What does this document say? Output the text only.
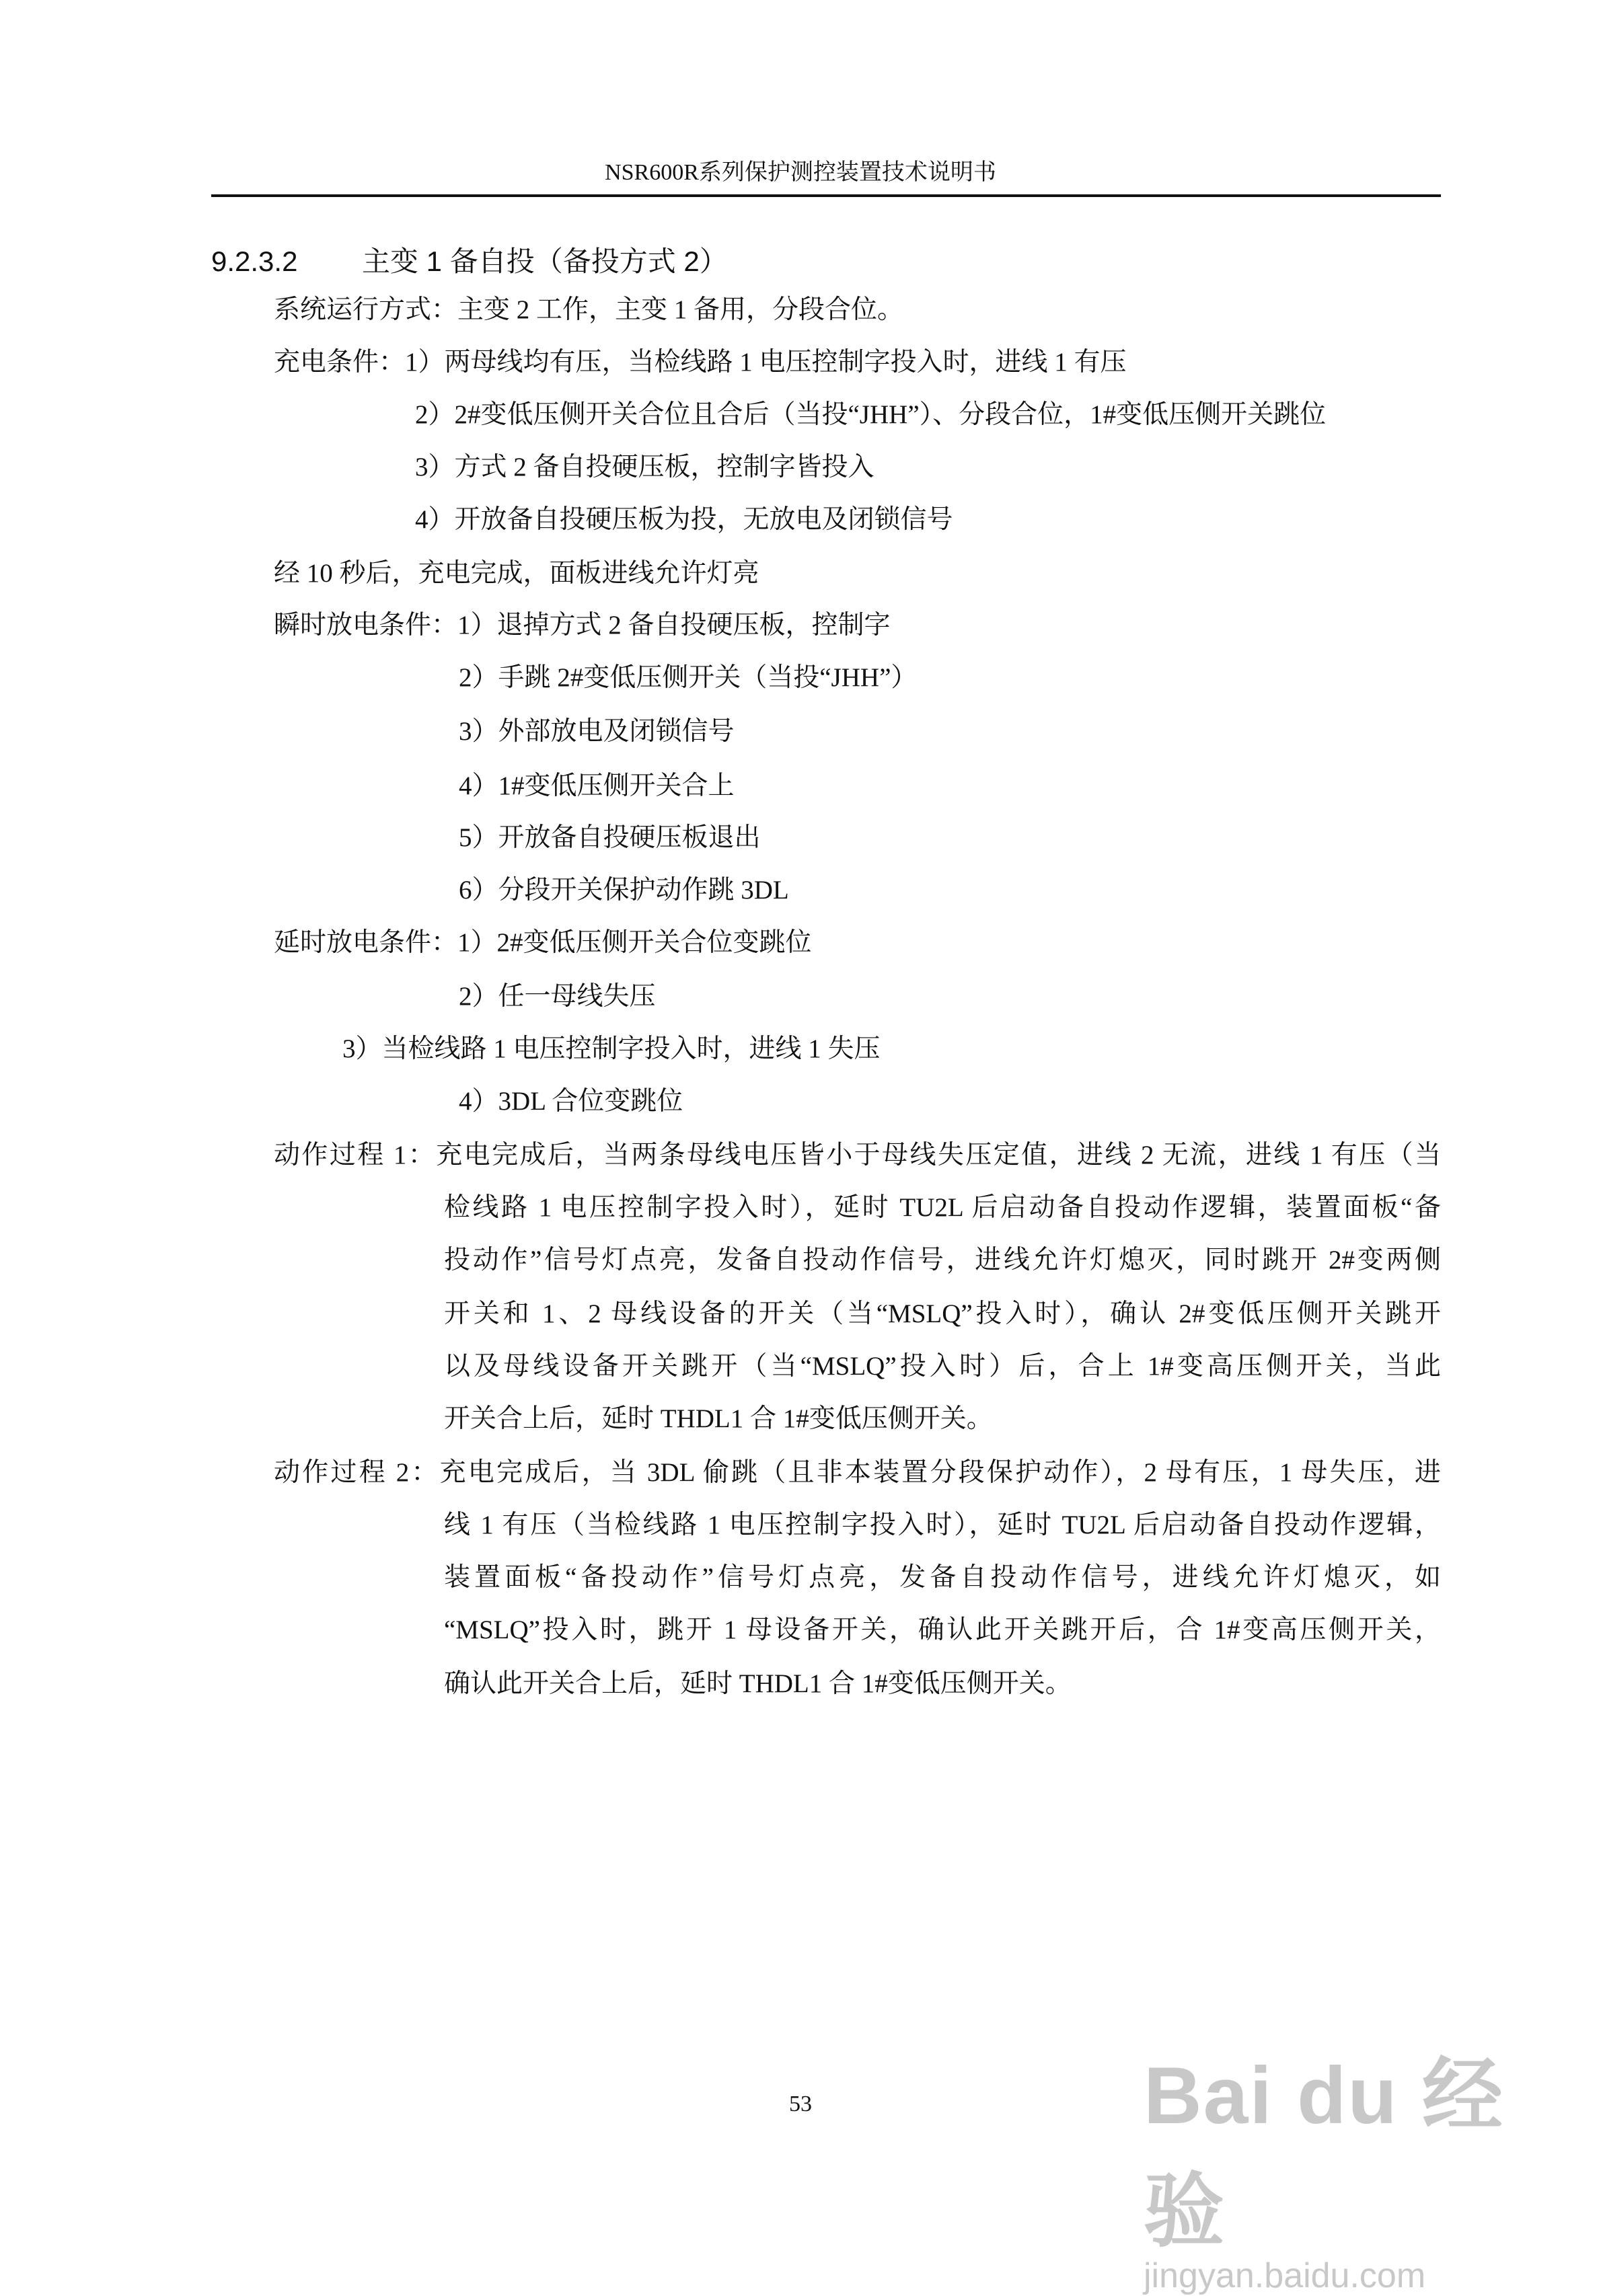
NSR600R系列保护测控装置技术说明书
9.2.3.2 主变 1 备自投（备投方式 2）
系统运行方式：主变 2 工作，主变 1 备用，分段合位。
充电条件：1）两母线均有压，当检线路 1 电压控制字投入时，进线 1 有压
2）2#变低压侧开关合位且合后（当投“JHH”）、分段合位，1#变低压侧开关跳位
3）方式 2 备自投硬压板，控制字皆投入
4）开放备自投硬压板为投，无放电及闭锁信号
经 10 秒后，充电完成，面板进线允许灯亮
瞬时放电条件：1）退掉方式 2 备自投硬压板，控制字
2）手跳 2#变低压侧开关（当投“JHH”）
3）外部放电及闭锁信号
4）1#变低压侧开关合上
5）开放备自投硬压板退出
6）分段开关保护动作跳 3DL
延时放电条件：1）2#变低压侧开关合位变跳位
2）任一母线失压
3）当检线路 1 电压控制字投入时，进线 1 失压
4）3DL 合位变跳位
动作过程 1：充电完成后，当两条母线电压皆小于母线失压定值，进线 2 无流，进线 1 有压（当
检线路 1 电压控制字投入时），延时 TU2L 后启动备自投动作逻辑，装置面板“备
投动作”信号灯点亮，发备自投动作信号，进线允许灯熄灭，同时跳开 2#变两侧
开关和 1、2 母线设备的开关（当“MSLQ”投入时），确认 2#变低压侧开关跳开
以及母线设备开关跳开（当“MSLQ”投入时）后，合上 1#变高压侧开关，当此
开关合上后，延时 THDL1 合 1#变低压侧开关。
动作过程 2：充电完成后，当 3DL 偷跳（且非本装置分段保护动作），2 母有压，1 母失压，进
线 1 有压（当检线路 1 电压控制字投入时），延时 TU2L 后启动备自投动作逻辑，
装置面板“备投动作”信号灯点亮，发备自投动作信号，进线允许灯熄灭，如
“MSLQ”投入时，跳开 1 母设备开关，确认此开关跳开后，合 1#变高压侧开关，
确认此开关合上后，延时 THDL1 合 1#变低压侧开关。
53	Bai du 经验
jingyan.baidu.com
